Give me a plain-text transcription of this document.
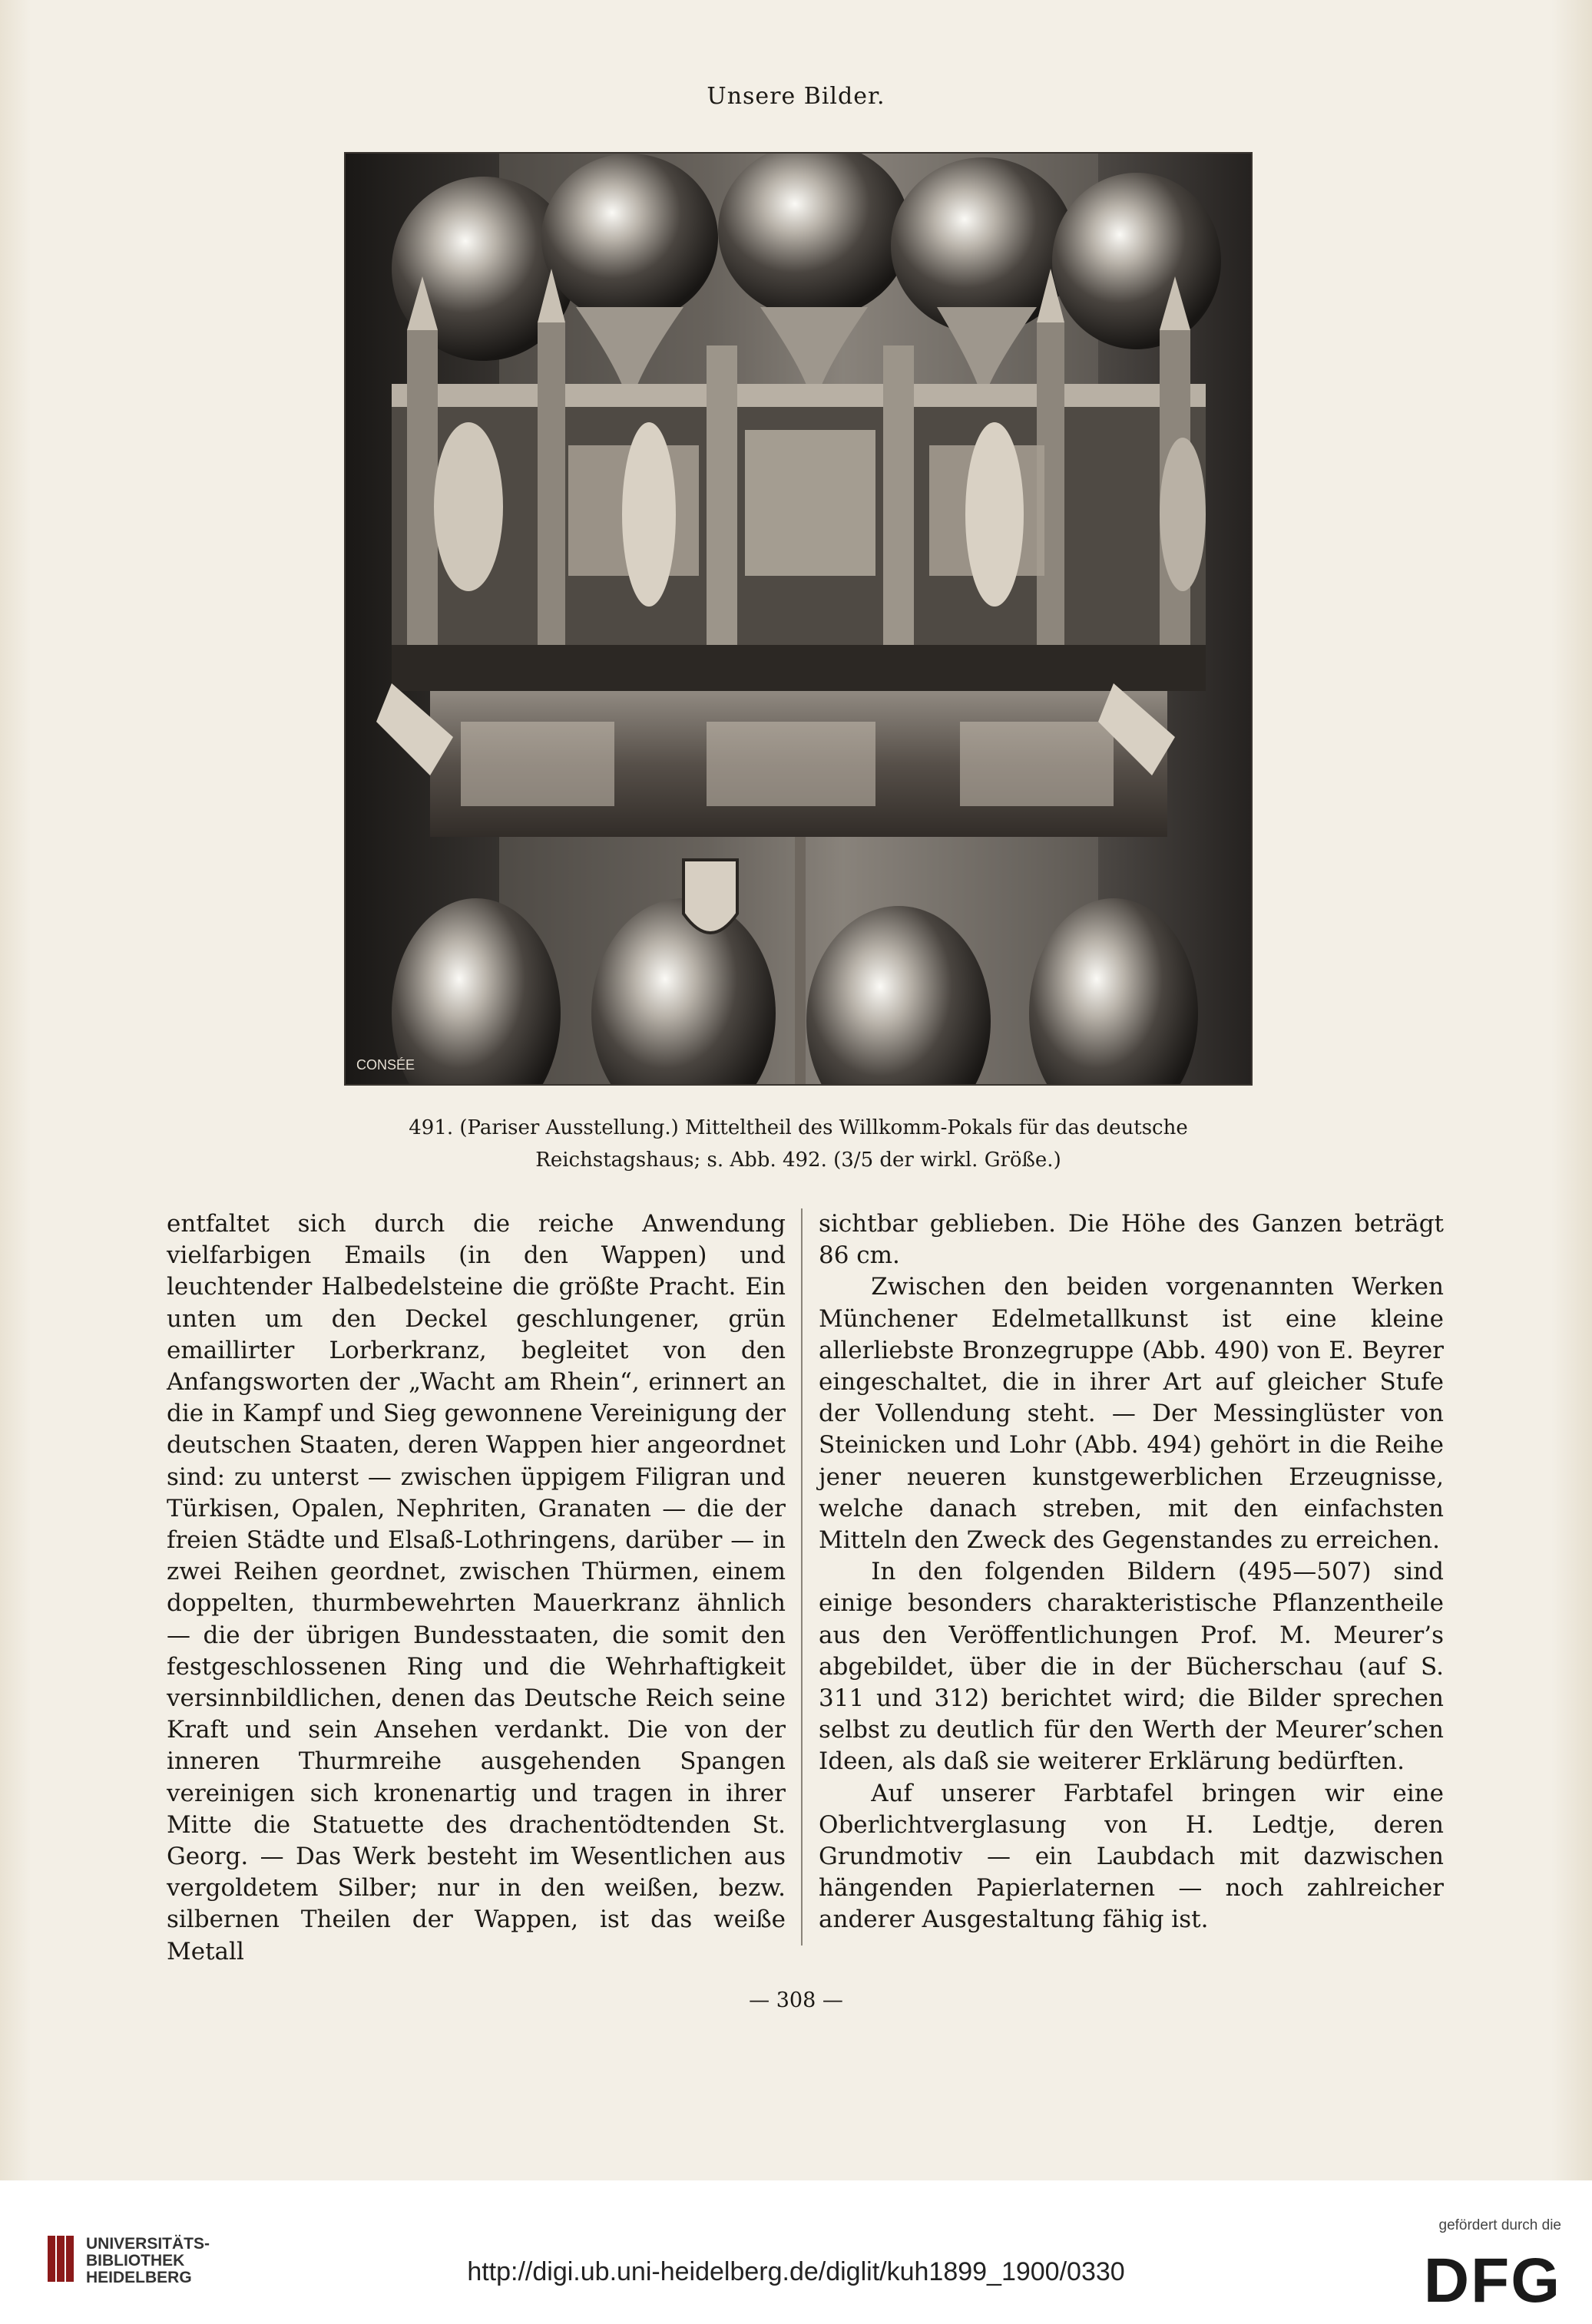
Unsere Bilder.
CONSÉE
491. (Pariser Ausstellung.) Mitteltheil des Willkomm-Pokals für das deutsche
Reichstagshaus; s. Abb. 492. (3/5 der wirkl. Größe.)

entfaltet sich durch die reiche Anwendung vielfarbigen Emails (in den Wappen) und leuchtender Halbedelsteine die größte Pracht. Ein unten um den Deckel geschlungener, grün emaillirter Lorberkranz, begleitet von den Anfangsworten der „Wacht am Rhein“, erinnert an die in Kampf und Sieg gewonnene Vereinigung der deutschen Staaten, deren Wappen hier angeordnet sind: zu unterst — zwischen üppigem Filigran und Türkisen, Opalen, Nephriten, Granaten — die der freien Städte und Elsaß-Lothringens, darüber — in zwei Reihen geordnet, zwischen Thürmen, einem doppelten, thurmbewehrten Mauerkranz ähnlich — die der übrigen Bundesstaaten, die somit den festgeschlossenen Ring und die Wehrhaftigkeit versinnbildlichen, denen das Deutsche Reich seine Kraft und sein Ansehen verdankt. Die von der inneren Thurmreihe ausgehenden Spangen vereinigen sich kronenartig und tragen in ihrer Mitte die Statuette des drachentödtenden St. Georg. — Das Werk besteht im Wesentlichen aus vergoldetem Silber; nur in den weißen, bezw. silbernen Theilen der Wappen, ist das weiße Metall

sichtbar geblieben. Die Höhe des Ganzen beträgt 86 cm.

Zwischen den beiden vorgenannten Werken Münchener Edelmetallkunst ist eine kleine allerliebste Bronzegruppe (Abb. 490) von E. Beyrer eingeschaltet, die in ihrer Art auf gleicher Stufe der Vollendung steht. — Der Messinglüster von Steinicken und Lohr (Abb. 494) gehört in die Reihe jener neueren kunstgewerblichen Erzeugnisse, welche danach streben, mit den einfachsten Mitteln den Zweck des Gegenstandes zu erreichen.

In den folgenden Bildern (495—507) sind einige besonders charakteristische Pflanzentheile aus den Veröffentlichungen Prof. M. Meurer’s abgebildet, über die in der Bücherschau (auf S. 311 und 312) berichtet wird; die Bilder sprechen selbst zu deutlich für den Werth der Meurer’schen Ideen, als daß sie weiterer Erklärung bedürften.

Auf unserer Farbtafel bringen wir eine Oberlichtverglasung von H. Ledtje, deren Grundmotiv — ein Laubdach mit dazwischen hängenden Papierlaternen — noch zahlreicher anderer Ausgestaltung fähig ist.

— 308 —
UNIVERSITÄTS-
BIBLIOTHEK
HEIDELBERG	http://digi.ub.uni-heidelberg.de/diglit/kuh1899_1900/0330
gefördert durch die
DFG
